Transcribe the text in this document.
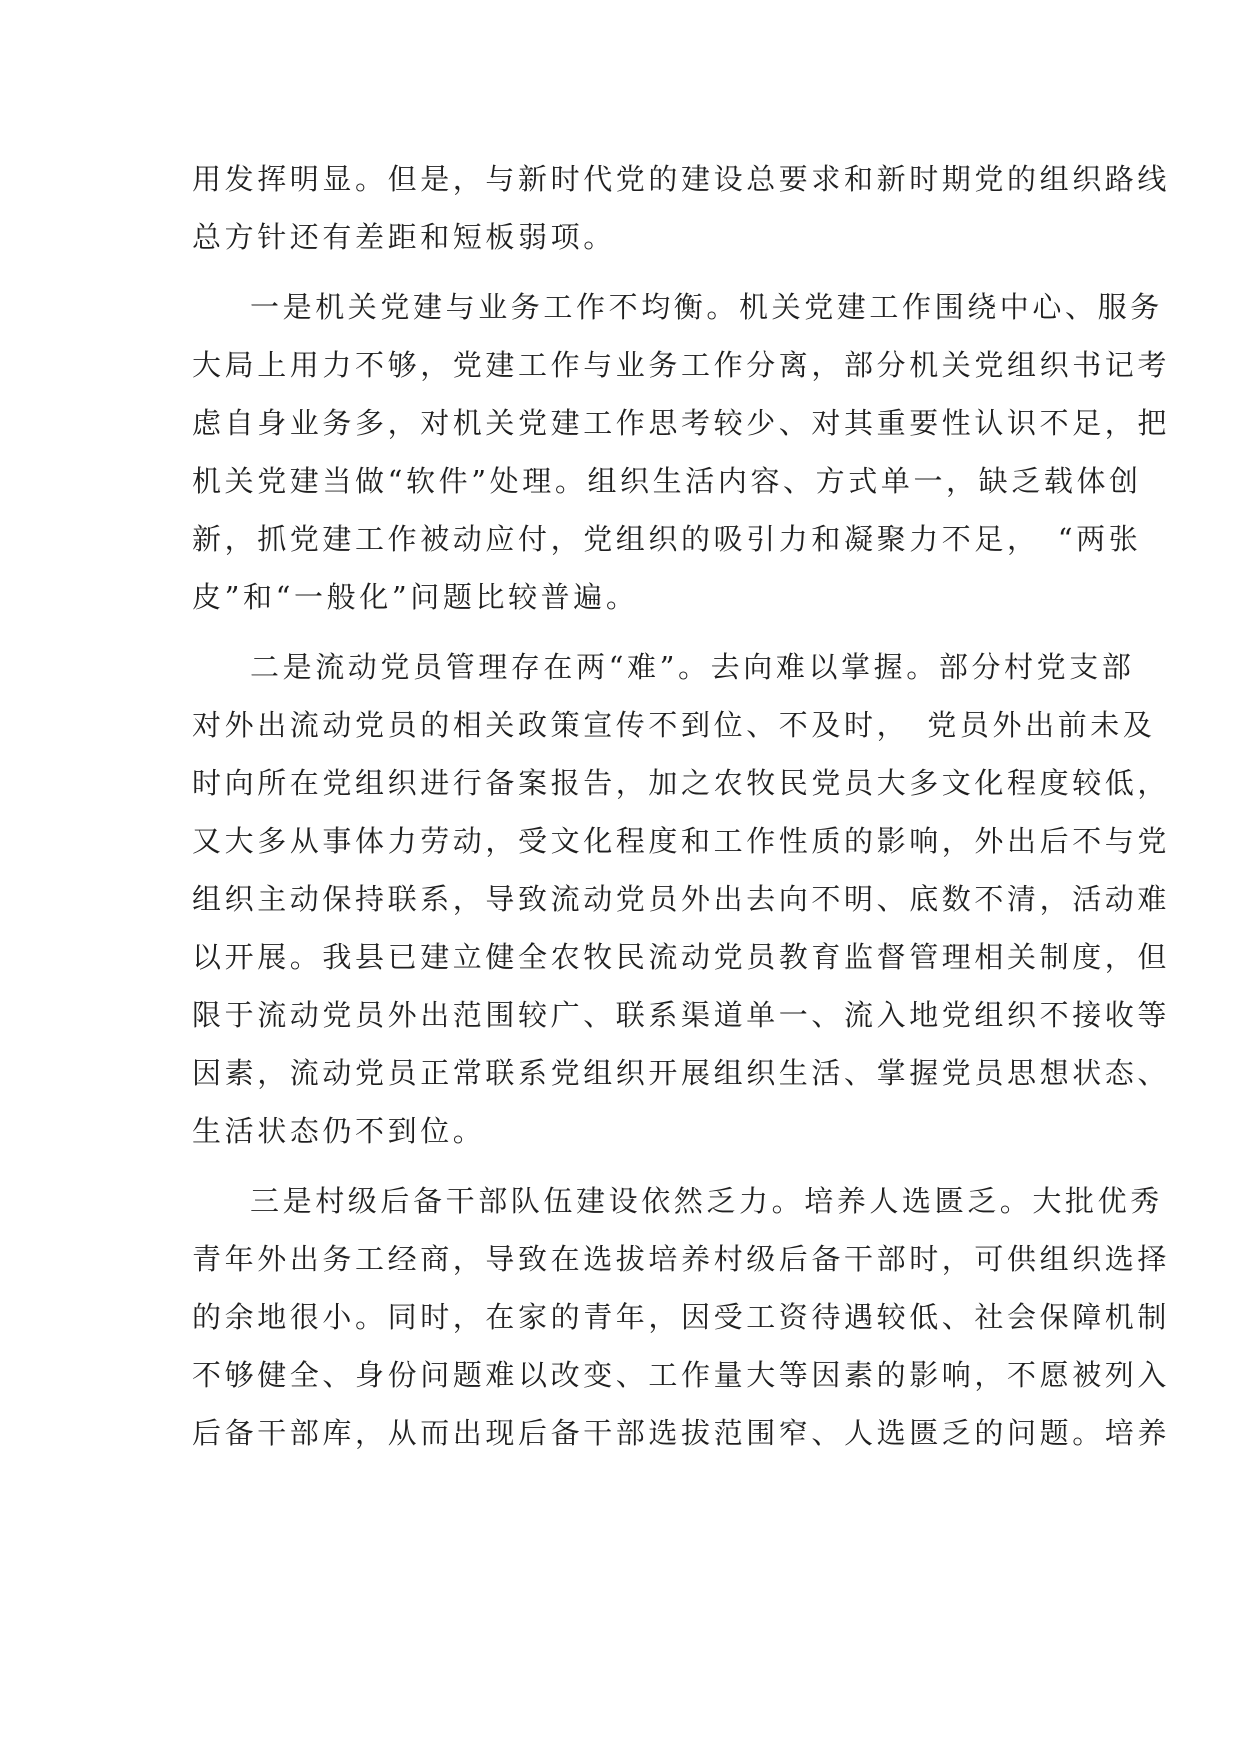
用发挥明显。但是，与新时代党的建设总要求和新时期党的组织路线
总方针还有差距和短板弱项。

一是机关党建与业务工作不均衡。机关党建工作围绕中心、服务
大局上用力不够，党建工作与业务工作分离，部分机关党组织书记考
虑自身业务多，对机关党建工作思考较少、对其重要性认识不足，把
机关党建当做“软件”处理。组织生活内容、方式单一，缺乏载体创
新，抓党建工作被动应付，党组织的吸引力和凝聚力不足，　“两张
皮”和“一般化”问题比较普遍。

二是流动党员管理存在两“难”。去向难以掌握。部分村党支部
对外出流动党员的相关政策宣传不到位、不及时，　党员外出前未及
时向所在党组织进行备案报告，加之农牧民党员大多文化程度较低，
又大多从事体力劳动，受文化程度和工作性质的影响，外出后不与党
组织主动保持联系，导致流动党员外出去向不明、底数不清，活动难
以开展。我县已建立健全农牧民流动党员教育监督管理相关制度，但
限于流动党员外出范围较广、联系渠道单一、流入地党组织不接收等
因素，流动党员正常联系党组织开展组织生活、掌握党员思想状态、
生活状态仍不到位。

三是村级后备干部队伍建设依然乏力。培养人选匮乏。大批优秀
青年外出务工经商，导致在选拔培养村级后备干部时，可供组织选择
的余地很小。同时，在家的青年，因受工资待遇较低、社会保障机制
不够健全、身份问题难以改变、工作量大等因素的影响，不愿被列入
后备干部库，从而出现后备干部选拔范围窄、人选匮乏的问题。培养
